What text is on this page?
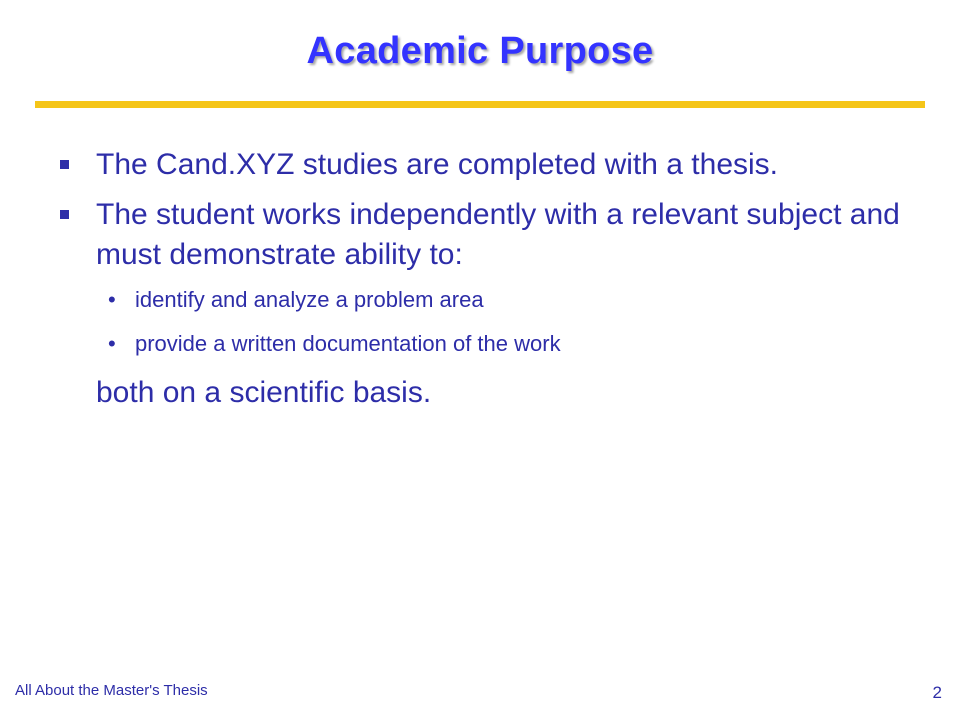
Academic Purpose
The Cand.XYZ studies are completed with a thesis.
The student works independently with a relevant subject and must demonstrate ability to:
• identify and analyze a problem area
• provide a written documentation of the work
both on a scientific basis.
All About the Master's Thesis	2
